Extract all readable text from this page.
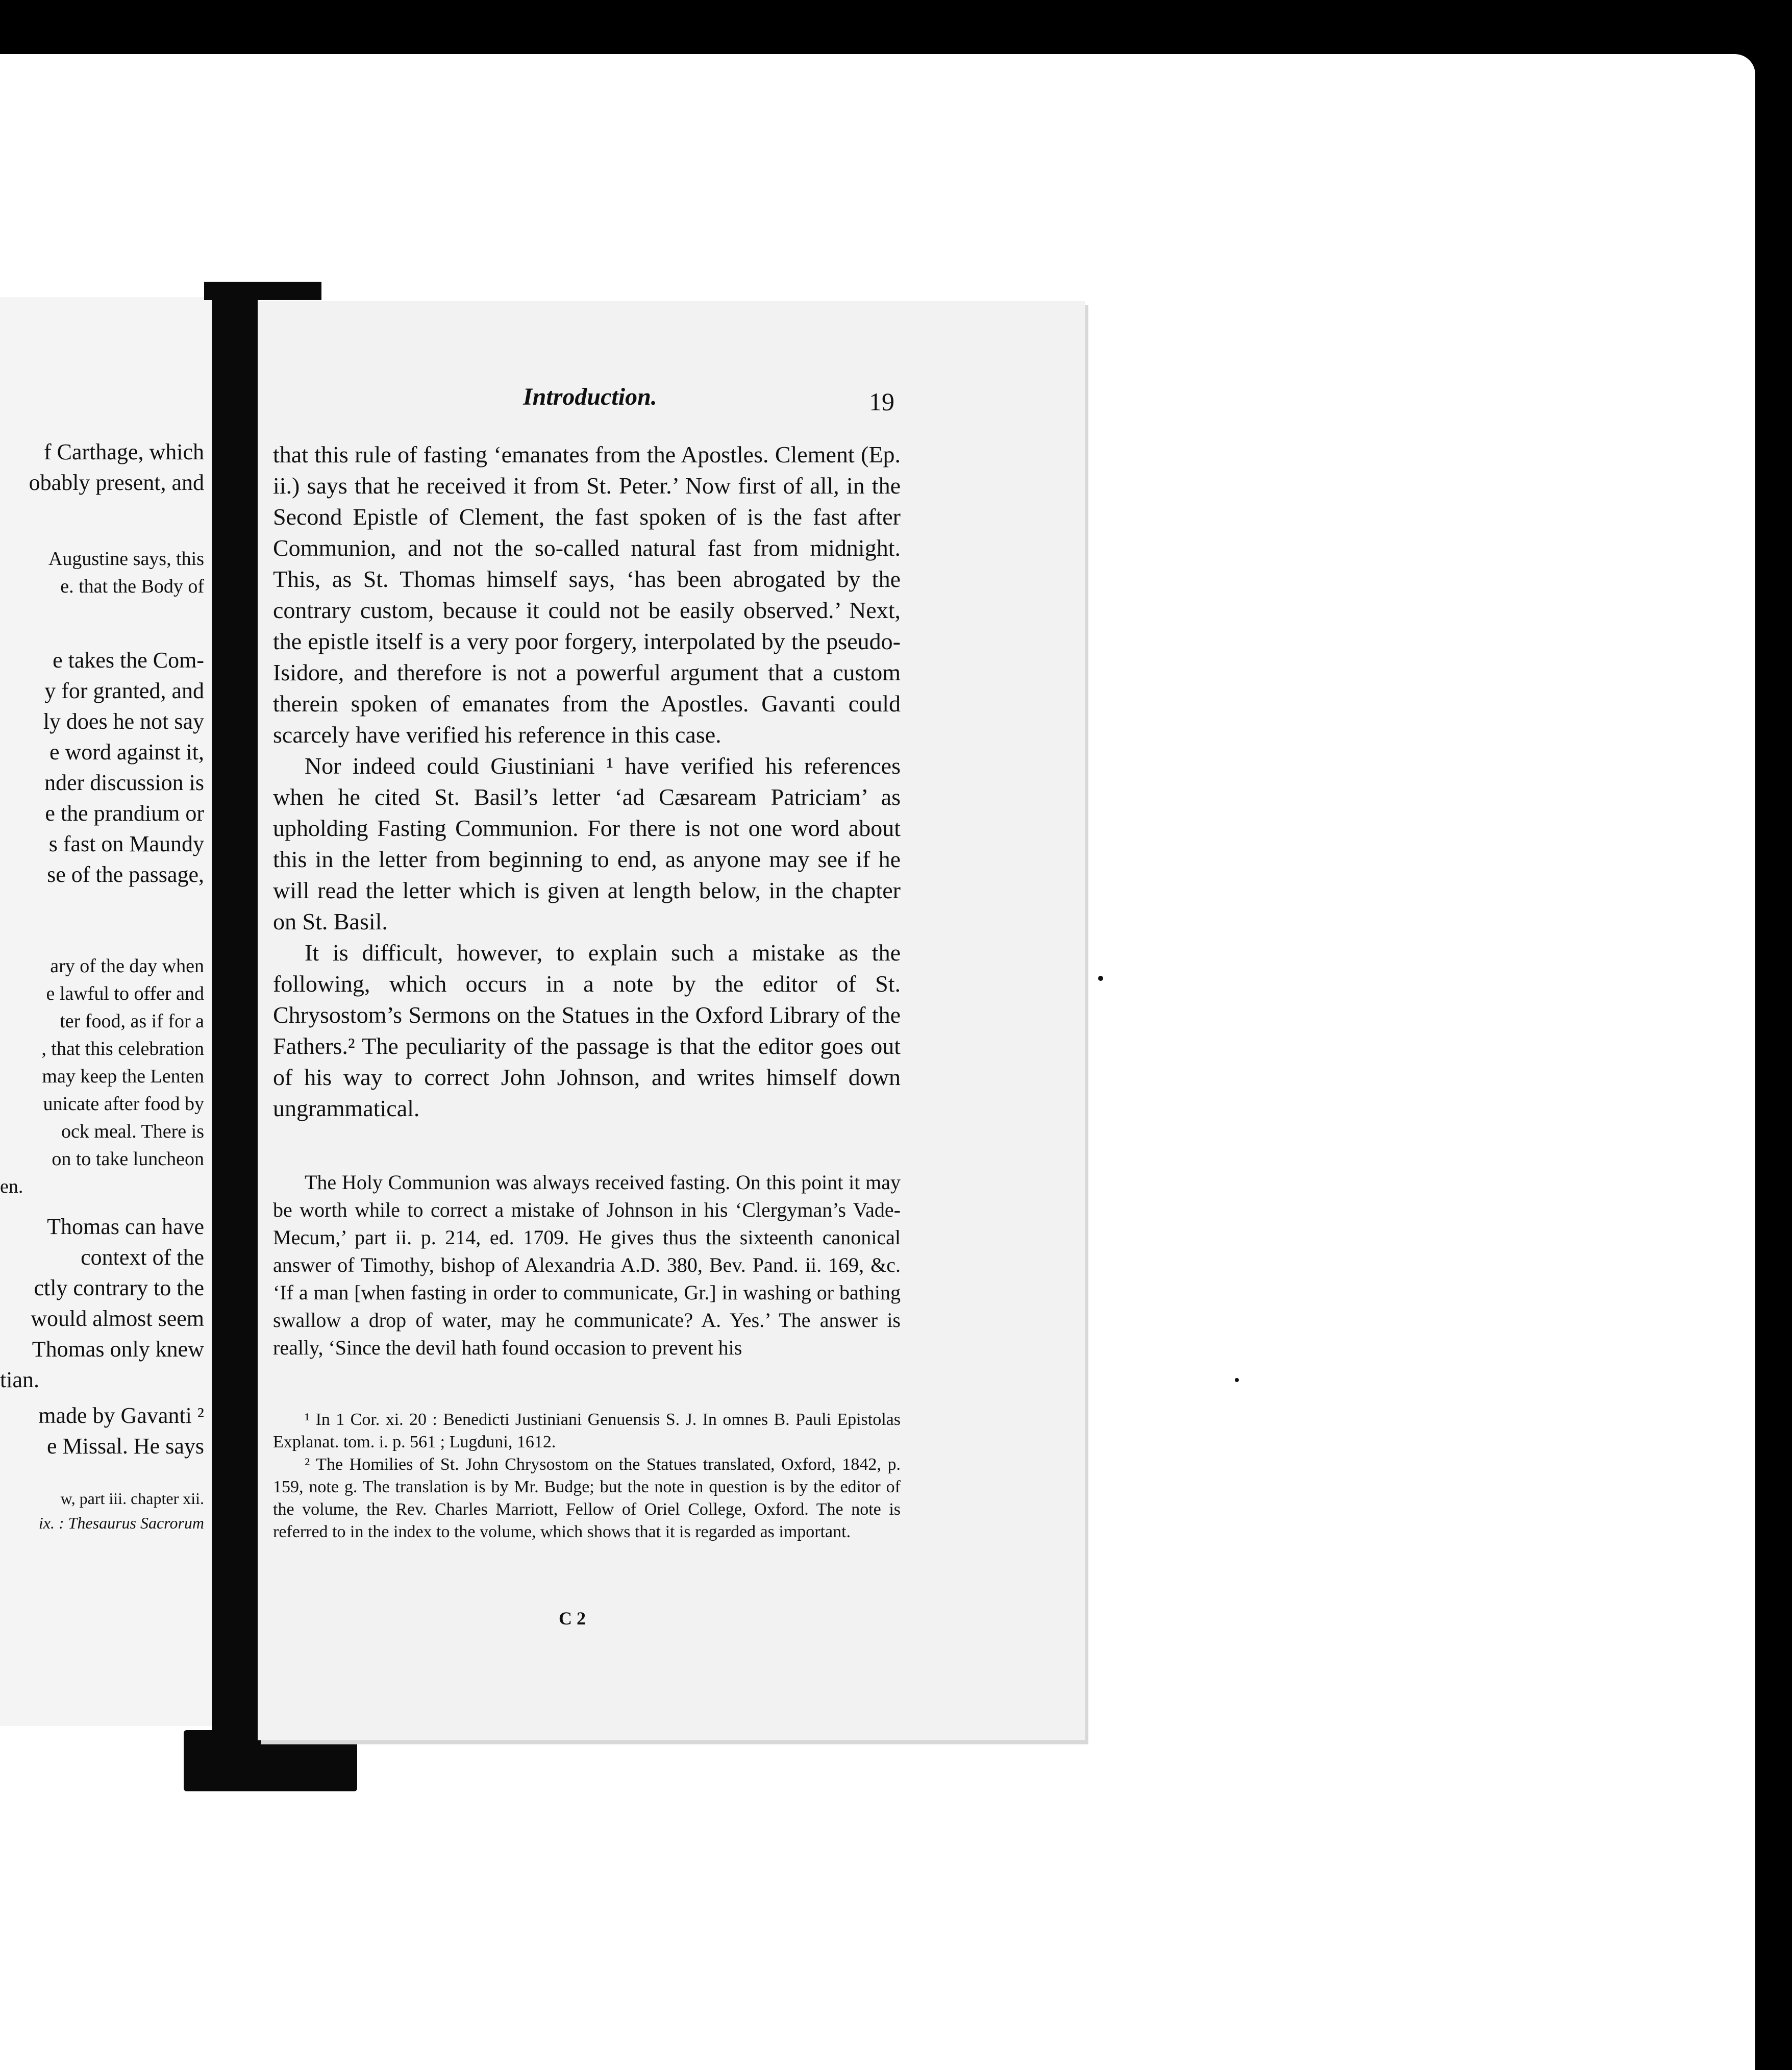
f Carthage, which
obably present, and
Augustine says, this
e. that the Body of
e takes the Com-
y for granted, and
ly does he not say
e word against it,
nder discussion is
e the prandium or
s fast on Maundy
se of the passage,
ary of the day when
e lawful to offer and
ter food, as if for a
, that this celebration
may keep the Lenten
unicate after food by
ock meal. There is
on to take luncheon
en.
Thomas can have
context of the
ctly contrary to the
would almost seem
Thomas only knew
tian.
made by Gavanti ²
e Missal. He says
w, part iii. chapter xii.
ix. : Thesaurus Sacrorum
Introduction.	19

that this rule of fasting ‘emanates from the Apostles. Clement (Ep. ii.) says that he received it from St. Peter.’ Now first of all, in the Second Epistle of Clement, the fast spoken of is the fast after Communion, and not the so-called natural fast from midnight. This, as St. Thomas himself says, ‘has been abrogated by the contrary custom, because it could not be easily observed.’ Next, the epistle itself is a very poor forgery, interpolated by the pseudo-Isidore, and therefore is not a powerful argument that a custom therein spoken of emanates from the Apostles. Gavanti could scarcely have verified his reference in this case.

Nor indeed could Giustiniani ¹ have verified his references when he cited St. Basil’s letter ‘ad Cæsaream Patriciam’ as upholding Fasting Communion. For there is not one word about this in the letter from beginning to end, as anyone may see if he will read the letter which is given at length below, in the chapter on St. Basil.

It is difficult, however, to explain such a mistake as the following, which occurs in a note by the editor of St. Chrysostom’s Sermons on the Statues in the Oxford Library of the Fathers.² The peculiarity of the passage is that the editor goes out of his way to correct John Johnson, and writes himself down ungrammatical.

The Holy Communion was always received fasting. On this point it may be worth while to correct a mistake of Johnson in his ‘Clergyman’s Vade-Mecum,’ part ii. p. 214, ed. 1709. He gives thus the sixteenth canonical answer of Timothy, bishop of Alexandria A.D. 380, Bev. Pand. ii. 169, &c. ‘If a man [when fasting in order to communicate, Gr.] in washing or bathing swallow a drop of water, may he communicate? A. Yes.’ The answer is really, ‘Since the devil hath found occasion to prevent his

¹ In 1 Cor. xi. 20 : Benedicti Justiniani Genuensis S. J. In omnes B. Pauli Epistolas Explanat. tom. i. p. 561 ; Lugduni, 1612.

² The Homilies of St. John Chrysostom on the Statues translated, Oxford, 1842, p. 159, note g. The translation is by Mr. Budge; but the note in question is by the editor of the volume, the Rev. Charles Marriott, Fellow of Oriel College, Oxford. The note is referred to in the index to the volume, which shows that it is regarded as important.

C 2
